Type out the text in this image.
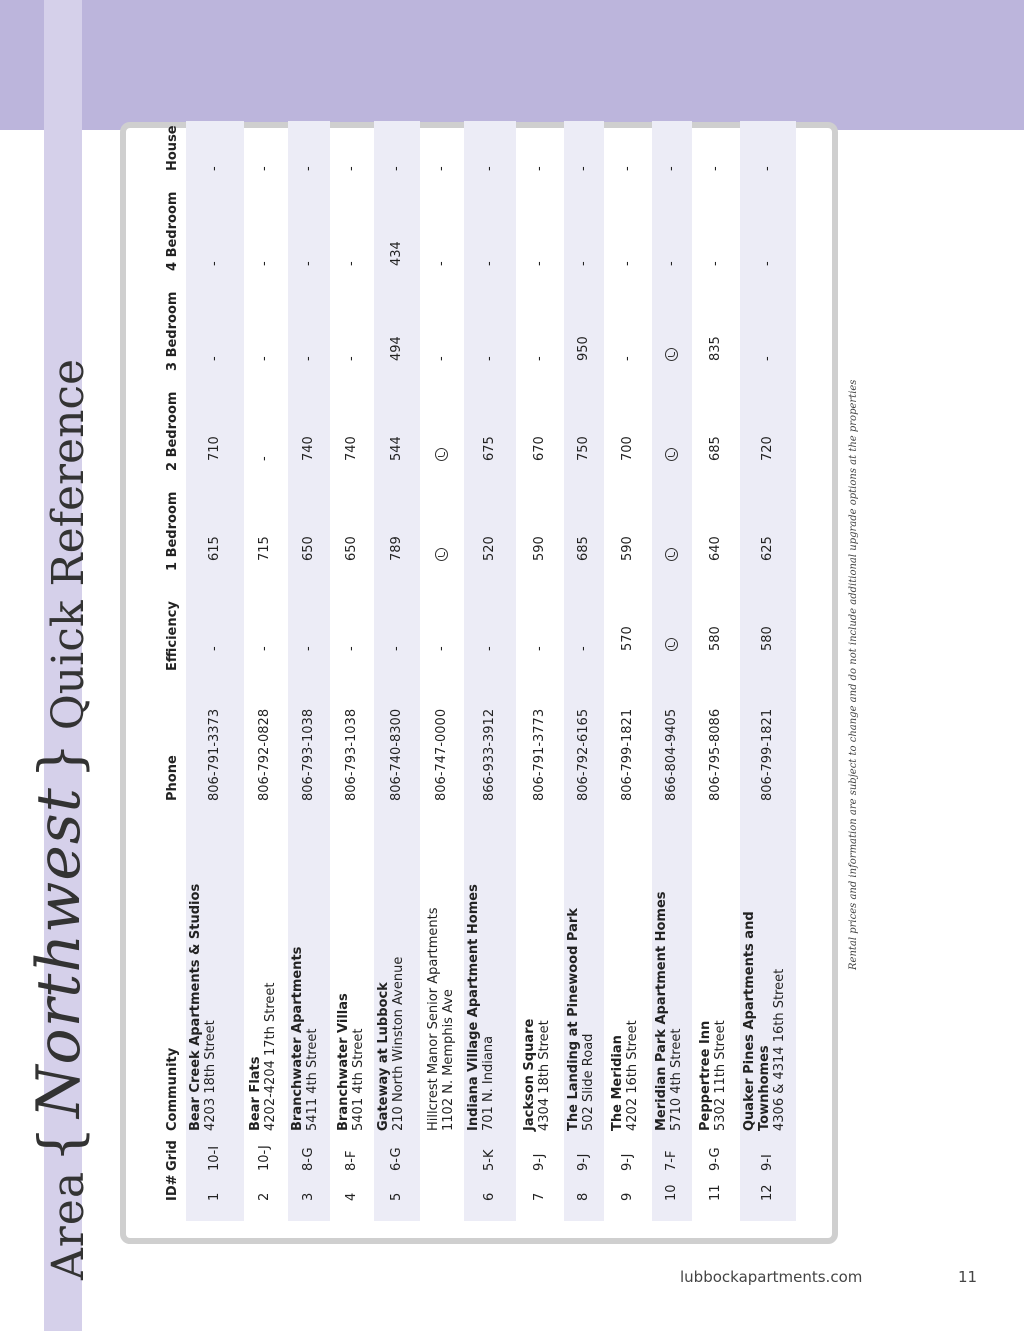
Area
{
Northwest
}
Quick Reference
ID#
Grid
Community
Phone
Efficiency
1 Bedroom
2 Bedroom
3 Bedroom
4 Bedroom
House
1
10-I
Bear Creek Apartments & Studios 4203 18th Street
806-791-3373
-
615
710
-
-
-
2
10-J
Bear Flats 4202-4204 17th Street
806-792-0828
-
715
-
-
-
-
3
8-G
Branchwater Apartments 5411 4th Street
806-793-1038
-
650
740
-
-
-
4
8-F
Branchwater Villas 5401 4th Street
806-793-1038
-
650
740
-
-
-
5
6-G
Gateway at Lubbock 210 North Winston Avenue
806-740-8300
-
789
544
494
434
-
Hillcrest Manor Senior Apartments 1102 N. Memphis Ave
806-747-0000
-
-
-
-
6
5-K
Indiana Village Apartment Homes 701 N. Indiana
866-933-3912
-
520
675
-
-
-
7
9-J
Jackson Square 4304 18th Street
806-791-3773
-
590
670
-
-
-
8
9-J
The Landing at Pinewood Park 502 Slide Road
806-792-6165
-
685
750
950
-
-
9
9-J
The Meridian 4202 16th Street
806-799-1821
570
590
700
-
-
-
10
7-F
Meridian Park Apartment Homes 5710 4th Street
866-804-9405
-
-
11
9-G
Peppertree Inn 5302 11th Street
806-795-8086
580
640
685
835
-
-
12
9-I
Quaker Pines Apartments and Townhomes 4306 & 4314 16th Street
806-799-1821
580
625
720
-
-
-
Rental prices and information are subject to change and do not include additional upgrade options at the properties
lubbockapartments.com	11
